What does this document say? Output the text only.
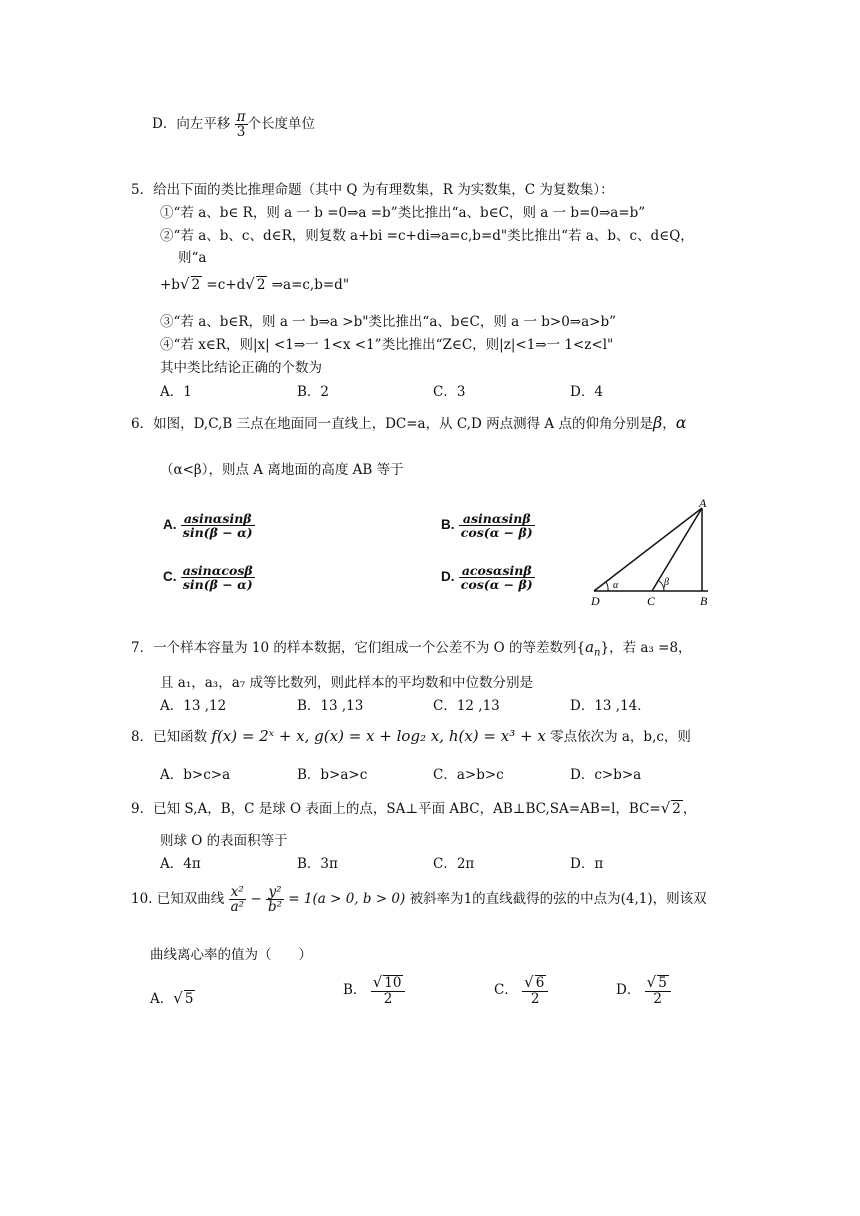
D．向左平移 $\frac{\pi}{3}$ 个长度单位
5．给出下面的类比推理命题（其中 Q 为有理数集，R 为实数集，C 为复数集）：
①“若 a、b∈ R，则 a 一 b =0⇒a =b”类比推出“a、b∈C，则 a 一 b=0⇒a=b”
②“若 a、b、c、d∈R，则复数 a+bi =c+di⇒a=c,b=d"类比推出“若 a、b、c、d∈Q，
则“a
+b√ 2 =c+d√ 2 ⇒a=c,b=d"
③“若 a、b∈R，则 a 一 b⇒a >b"类比推出“a、b∈C，则 a 一 b>0⇒a>b”
④“若 x∈R，则|x| <1⇒一 1<x <1”类比推出“Z∈C，则|z|<1⇒一 1<z<l"
其中类比结论正确的个数为
A．1	B．2	C．3	D．4
6．如图，D,C,B 三点在地面同一直线上，DC=a，从 C,D 两点测得 A 点的仰角分别是β，α
（α<β），则点 A 离地面的高度 AB 等于
A. $\frac{asin\alpha\sin\beta}{\sin(\beta - \alpha)}$	B. $\frac{asin\alpha\sin\beta}{\cos(\alpha - \beta)}$
C. $\frac{asin\alpha\cos\beta}{\sin(\beta - \alpha)}$	D. $\frac{acos\alpha\sin\beta}{\cos(\alpha - \beta)}$
A
B
C
D
α	β
7．一个样本容量为 10 的样本数据，它们组成一个公差不为 O 的等差数列$\{a_n\}$，若 a₃ =8，
且 a₁，a₃，a₇ 成等比数列，则此样本的平均数和中位数分别是
A．13 ,12	B．13 ,13	C．12 ,13	D．13 ,14．
8．已知函数 f(x) = 2ˣ + x, g(x) = x + log₂ x, h(x) = x³ + x 零点依次为 a，b,c，则
A．b>c>a	B．b>a>c	C．a>b>c	D．c>b>a
9．已知 S,A，B，C 是球 O 表面上的点，SA⊥平面 ABC，AB⊥BC,SA=AB=l，BC=√ 2 ，
则球 O 的表面积等于
A．4π	B．3π	C．2π	D．π
10. 已知双曲线 $\frac{\text{x²}}{\text{a²}} - \frac{\text{y²}}{\text{b²}} = 1(a > 0$, b > 0) 被斜率为1的直线截得的弦的中点为(4,1)，则该双
曲线离心率的值为（　　）
A．√ 5
B． $\frac{√ 10}{2}$	C． $\frac{√ 6}{2}$	D． $\frac{√ 5}{2}$
